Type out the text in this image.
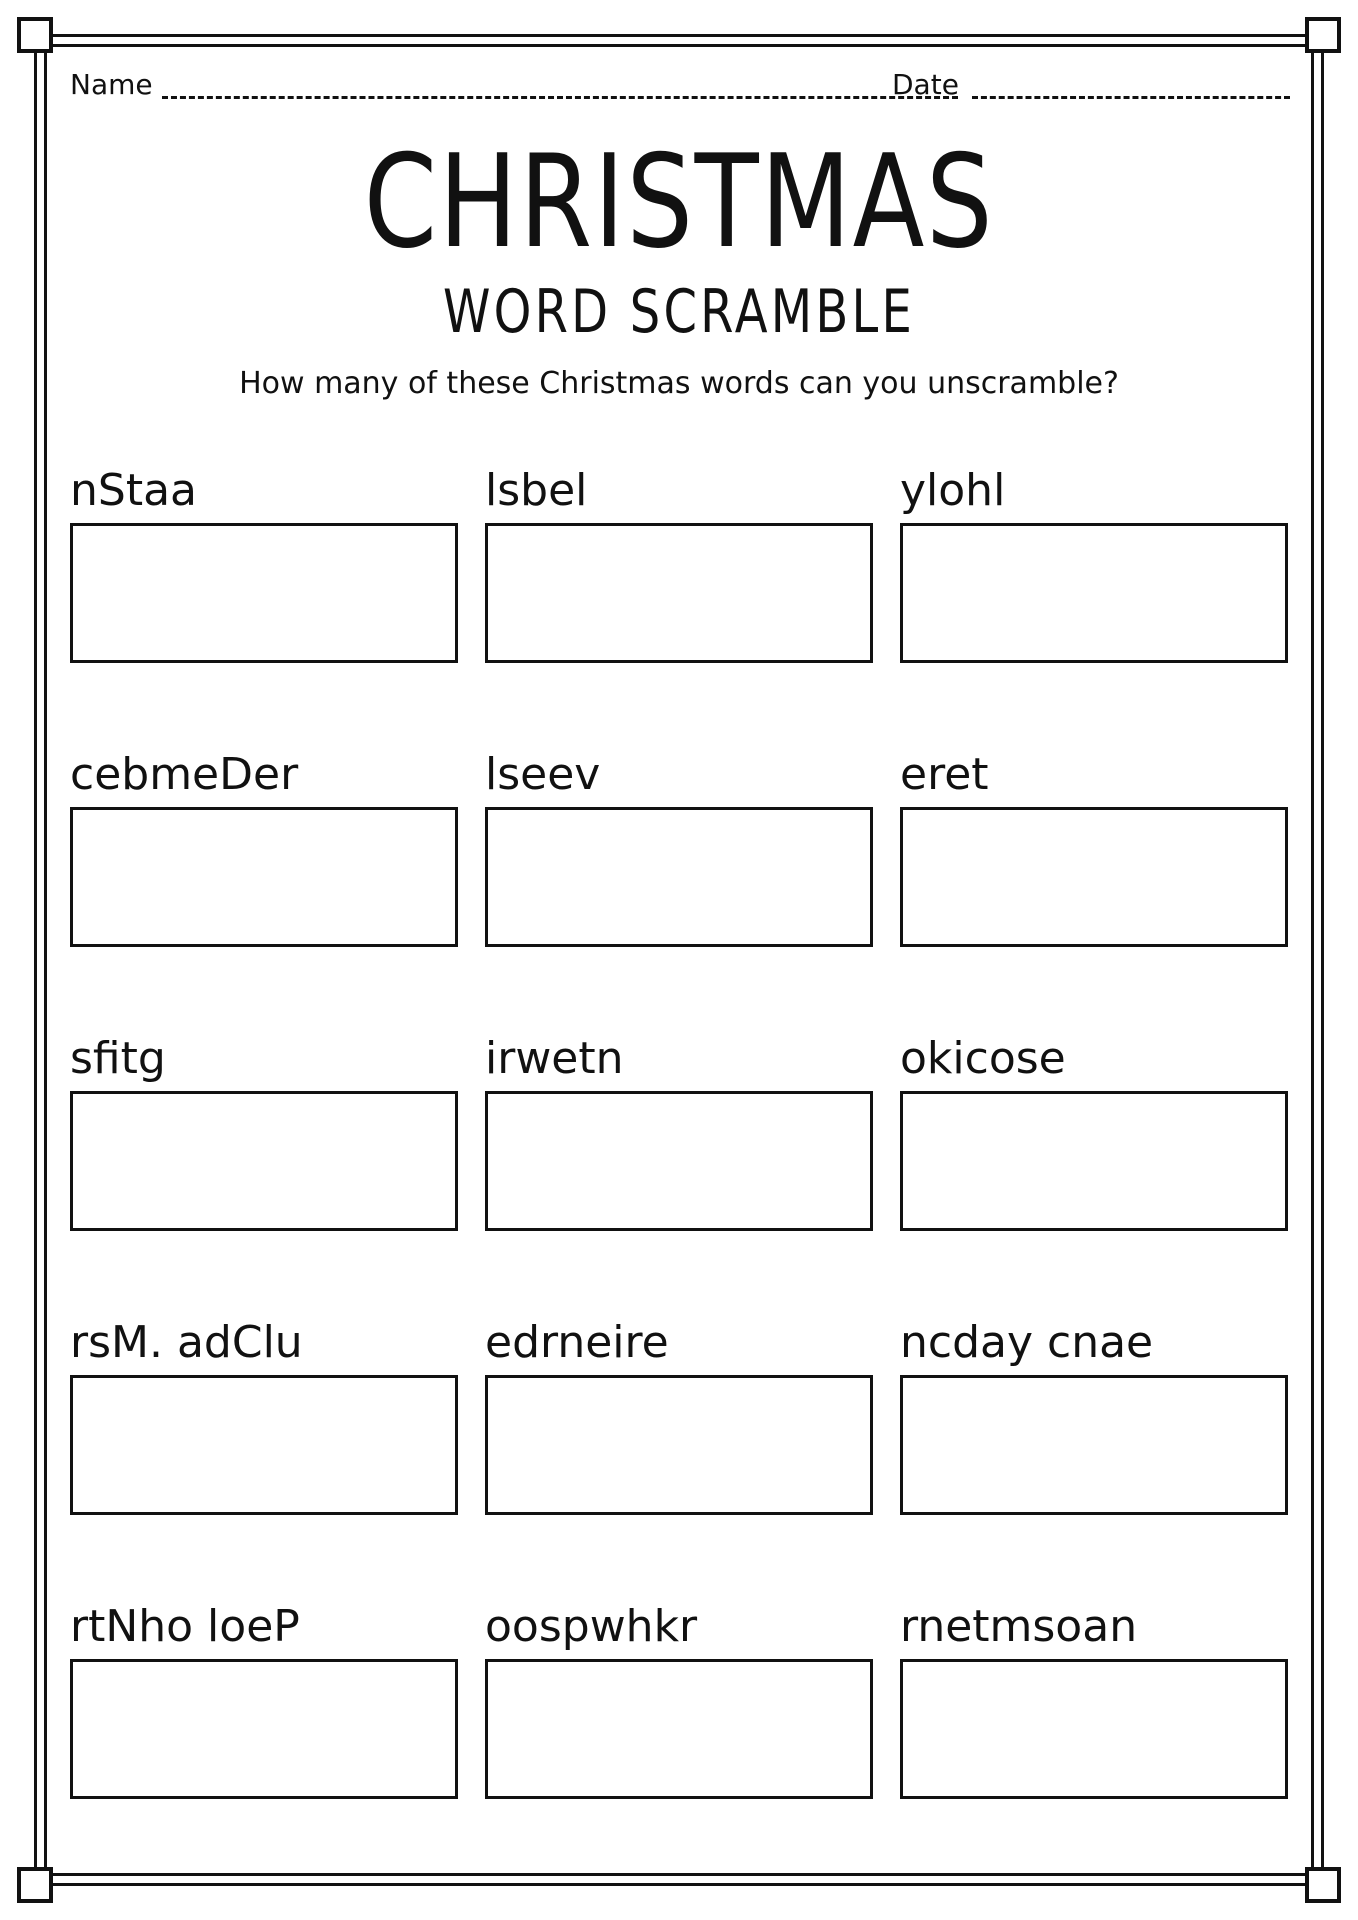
Name	Date
CHRISTMAS
WORD SCRAMBLE
How many of these Christmas words can you unscramble?
nStaa	lsbel	ylohl
cebmeDer	lseev	eret
sfitg	irwetn	okicose
rsM. adClu	edrneire	ncday cnae
rtNho loeP	oospwhkr	rnetmsoan
